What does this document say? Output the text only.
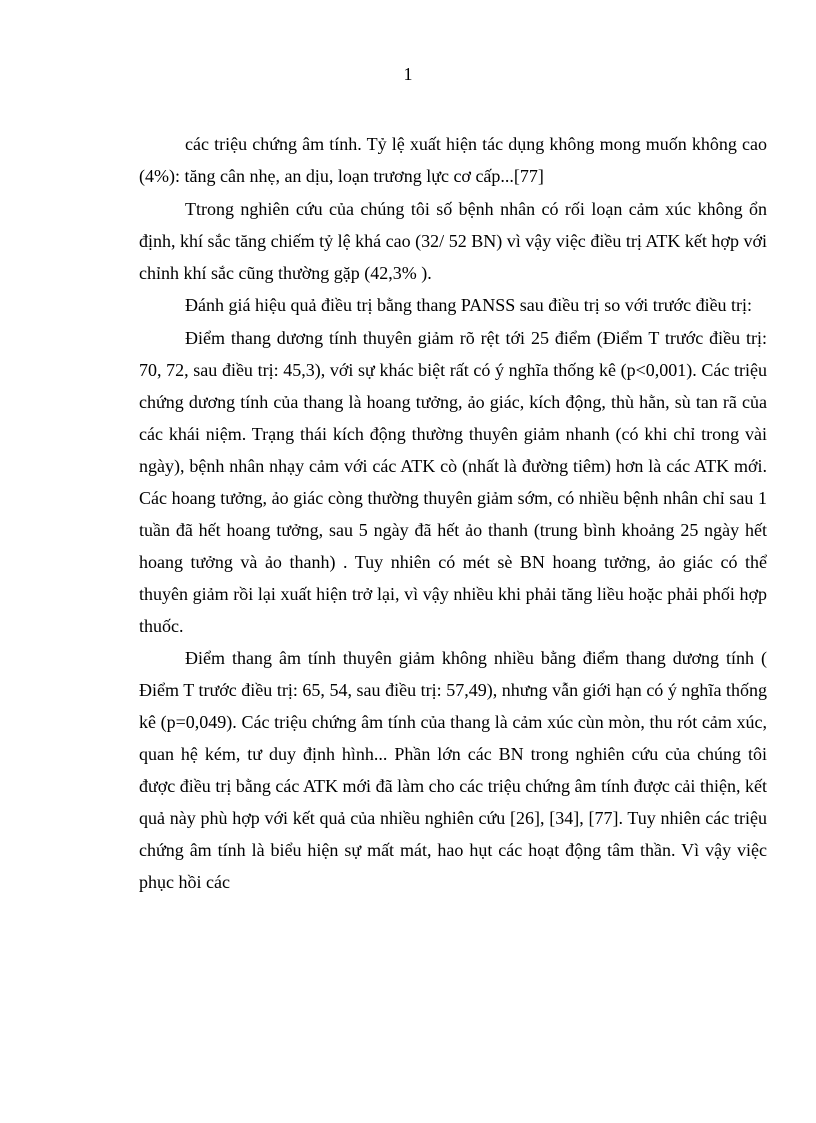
1

các triệu chứng âm tính. Tỷ lệ xuất hiện tác dụng không mong muốn không cao (4%): tăng cân nhẹ, an dịu, loạn trương lực cơ cấp...[77]

Ttrong nghiên cứu của chúng tôi số bệnh nhân có rối loạn cảm xúc không ổn định, khí sắc tăng chiếm tỷ lệ khá cao (32/ 52 BN) vì vậy việc điều trị ATK kết hợp với chỉnh khí sắc cũng thường gặp (42,3% ).

Đánh giá hiệu quả điều trị bằng thang PANSS sau điều trị so với trước điều trị:

Điểm thang dương tính thuyên giảm rõ rệt tới 25 điểm (Điểm T trước điều trị: 70, 72, sau điều trị: 45,3), với sự khác biệt rất có ý nghĩa thống kê (p<0,001). Các triệu chứng dương tính của thang là hoang tưởng, ảo giác, kích động, thù hằn, sù tan rã của các khái niệm. Trạng thái kích động thường thuyên giảm nhanh (có khi chỉ trong vài ngày), bệnh nhân nhạy cảm với các ATK cò (nhất là đường tiêm) hơn là các ATK mới. Các hoang tưởng, ảo giác còng thường thuyên giảm sớm, có nhiều bệnh nhân chỉ sau 1 tuần đã hết hoang tưởng, sau 5 ngày đã hết ảo thanh (trung bình khoảng 25 ngày hết hoang tưởng và ảo thanh) . Tuy nhiên có mét sè BN hoang tưởng, ảo giác có thể thuyên giảm rồi lại xuất hiện trở lại, vì vậy nhiều khi phải tăng liều hoặc phải phối hợp thuốc.

Điểm thang âm tính thuyên giảm không nhiều bằng điểm thang dương tính ( Điểm T trước điều trị: 65, 54, sau điều trị: 57,49), nhưng vẫn giới hạn có ý nghĩa thống kê (p=0,049). Các triệu chứng âm tính của thang là cảm xúc cùn mòn, thu rót cảm xúc, quan hệ kém, tư duy định hình... Phần lớn các BN trong nghiên cứu của chúng tôi được điều trị bằng các ATK mới đã làm cho các triệu chứng âm tính được cải thiện, kết quả này phù hợp với kết quả của nhiều nghiên cứu [26], [34], [77]. Tuy nhiên các triệu chứng âm tính là biểu hiện sự mất mát, hao hụt các hoạt động tâm thần. Vì vậy việc phục hồi các
